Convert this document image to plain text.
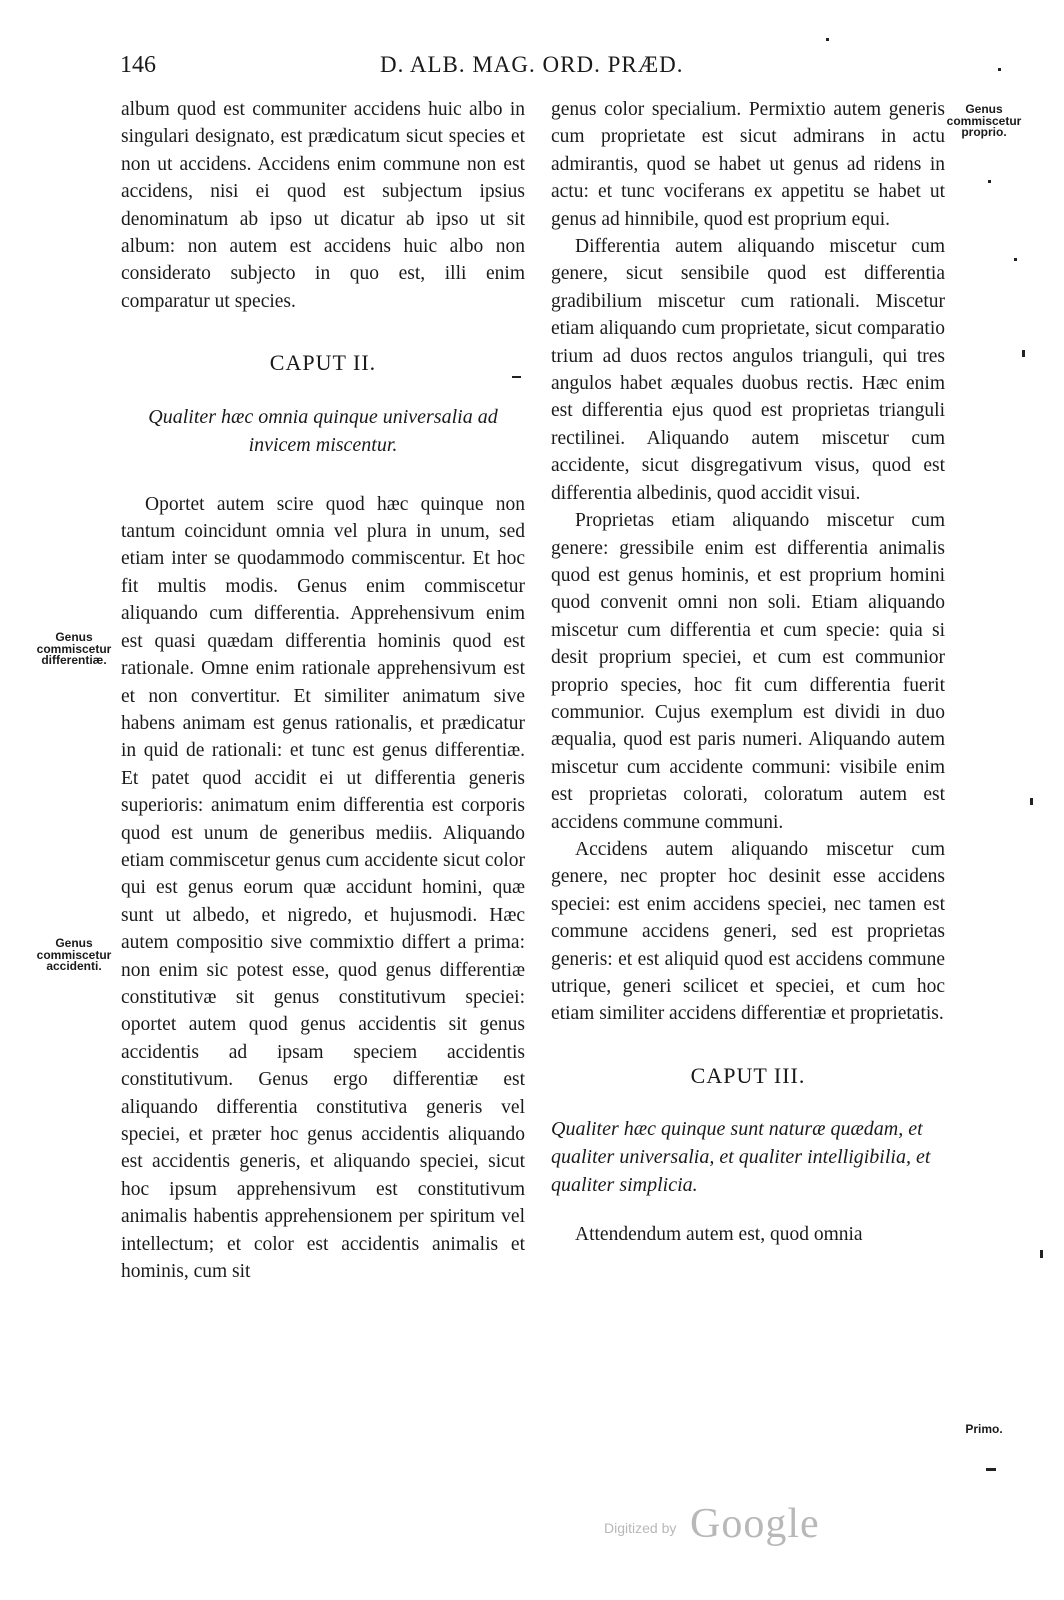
146	D. ALB. MAG. ORD. PRÆD.

album quod est communiter accidens huic albo in singulari designato, est prædicatum sicut species et non ut accidens. Accidens enim commune non est accidens, nisi ei quod est subjectum ipsius denominatum ab ipso ut dicatur ab ipso ut sit album: non autem est accidens huic albo non considerato subjecto in quo est, illi enim comparatur ut species.

CAPUT II.
Qualiter hæc omnia quinque universalia ad invicem miscentur.

Oportet autem scire quod hæc quinque non tantum coincidunt omnia vel plura in unum, sed etiam inter se quodammodo commiscentur. Et hoc fit multis modis. Genus enim commiscetur aliquando cum differentia. Apprehensivum enim est quasi quædam differentia hominis quod est rationale. Omne enim rationale apprehensivum est et non convertitur. Et similiter animatum sive habens animam est genus rationalis, et prædicatur in quid de rationali: et tunc est genus differentiæ. Et patet quod accidit ei ut differentia generis superioris: animatum enim differentia est corporis quod est unum de generibus mediis. Aliquando etiam commiscetur genus cum accidente sicut color qui est genus eorum quæ accidunt homini, quæ sunt ut albedo, et nigredo, et hujusmodi. Hæc autem compositio sive commixtio differt a prima: non enim sic potest esse, quod genus differentiæ constitutivæ sit genus constitutivum speciei: oportet autem quod genus accidentis sit genus accidentis ad ipsam speciem accidentis constitutivum. Genus ergo differentiæ est aliquando differentia constitutiva generis vel speciei, et præter hoc genus accidentis aliquando est accidentis generis, et aliquando speciei, sicut hoc ipsum apprehensivum est constitutivum animalis habentis apprehensionem per spiritum vel intellectum; et color est accidentis animalis et hominis, cum sit

genus color specialium. Permixtio autem generis cum proprietate est sicut admirans in actu admirantis, quod se habet ut genus ad ridens in actu: et tunc vociferans ex appetitu se habet ut genus ad hinnibile, quod est proprium equi.

Differentia autem aliquando miscetur cum genere, sicut sensibile quod est differentia gradibilium miscetur cum rationali. Miscetur etiam aliquando cum proprietate, sicut comparatio trium ad duos rectos angulos trianguli, qui tres angulos habet æquales duobus rectis. Hæc enim est differentia ejus quod est proprietas trianguli rectilinei. Aliquando autem miscetur cum accidente, sicut disgregativum visus, quod est differentia albedinis, quod accidit visui.

Proprietas etiam aliquando miscetur cum genere: gressibile enim est differentia animalis quod est genus hominis, et est proprium homini quod convenit omni non soli. Etiam aliquando miscetur cum differentia et cum specie: quia si desit proprium speciei, et cum est communior proprio species, hoc fit cum differentia fuerit communior. Cujus exemplum est dividi in duo æqualia, quod est paris numeri. Aliquando autem miscetur cum accidente communi: visibile enim est proprietas colorati, coloratum autem est accidens commune communi.

Accidens autem aliquando miscetur cum genere, nec propter hoc desinit esse accidens speciei: est enim accidens speciei, nec tamen est commune accidens generi, sed est proprietas generis: et est aliquid quod est accidens commune utrique, generi scilicet et speciei, et cum hoc etiam similiter accidens differentiæ et proprietatis.

CAPUT III.
Qualiter hæc quinque sunt naturæ quædam, et qualiter universalia, et qualiter intelligibilia, et qualiter simplicia.

Attendendum autem est, quod omnia

Genus commiscetur differentiæ.
Genus commiscetur accidenti.
Genus commiscetur proprio.
Primo.
Digitized by Google
